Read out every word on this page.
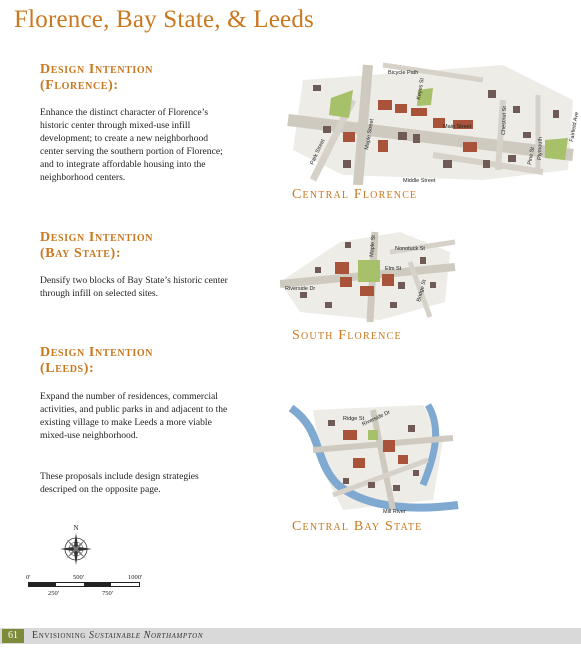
Florence, Bay State, & Leeds
Design Intention
(Florence):
Enhance the distinct character of Florence’s historic center through mixed-use infill development; to create a new neighborhood center serving the southern portion of Florence; and to integrate affordable housing into the neighborhood centers.
Design Intention
(Bay State):
Densify two blocks of Bay State’s historic center through infill on selected sites.
Design Intention
(Leeds):
Expand the number of residences, commercial activities, and public parks in and adjacent to the existing village to make Leeds a more viable mixed-use neighborhood.
These proposals include design strategies descriped on the opposite page.
Bicycle Path
Main Street
Maple Street
Park Street
Middle Street
Chestnut St
Plymouth
Fairfield Ave
Pine St
Keyes St
Central Florence
Nonotuck St
Riverside Dr
Maple St
Elm St
Bridge St
South Florence
Riverside Dr
Mill River
Ridge St
Central Bay State
N
0'	500'	1000'
250'	750'
61	Envisioning Sustainable Northampton
